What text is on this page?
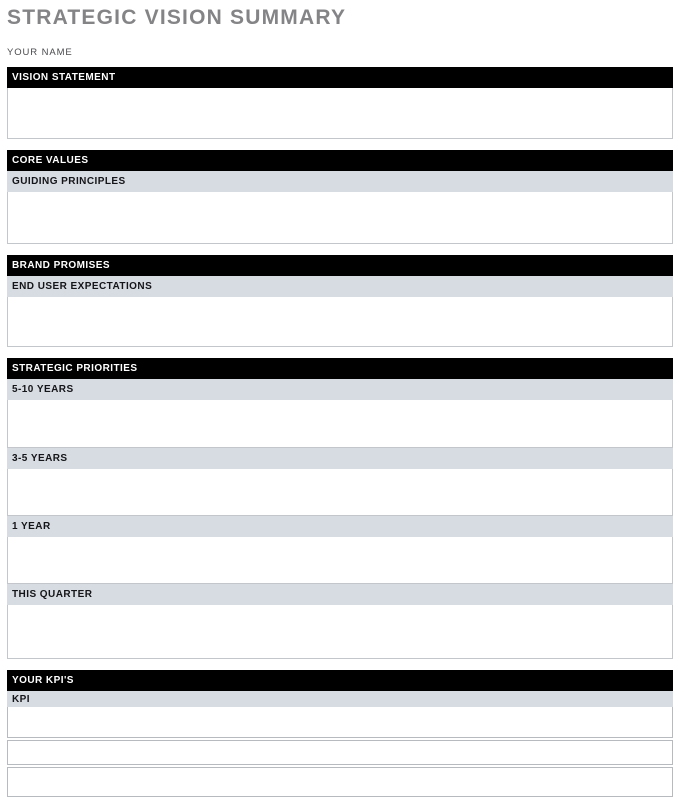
STRATEGIC VISION SUMMARY
YOUR NAME
VISION STATEMENT
CORE VALUES
GUIDING PRINCIPLES
BRAND PROMISES
END USER EXPECTATIONS
STRATEGIC PRIORITIES
5-10 YEARS
3-5 YEARS
1 YEAR
THIS QUARTER
YOUR KPI'S
KPI
